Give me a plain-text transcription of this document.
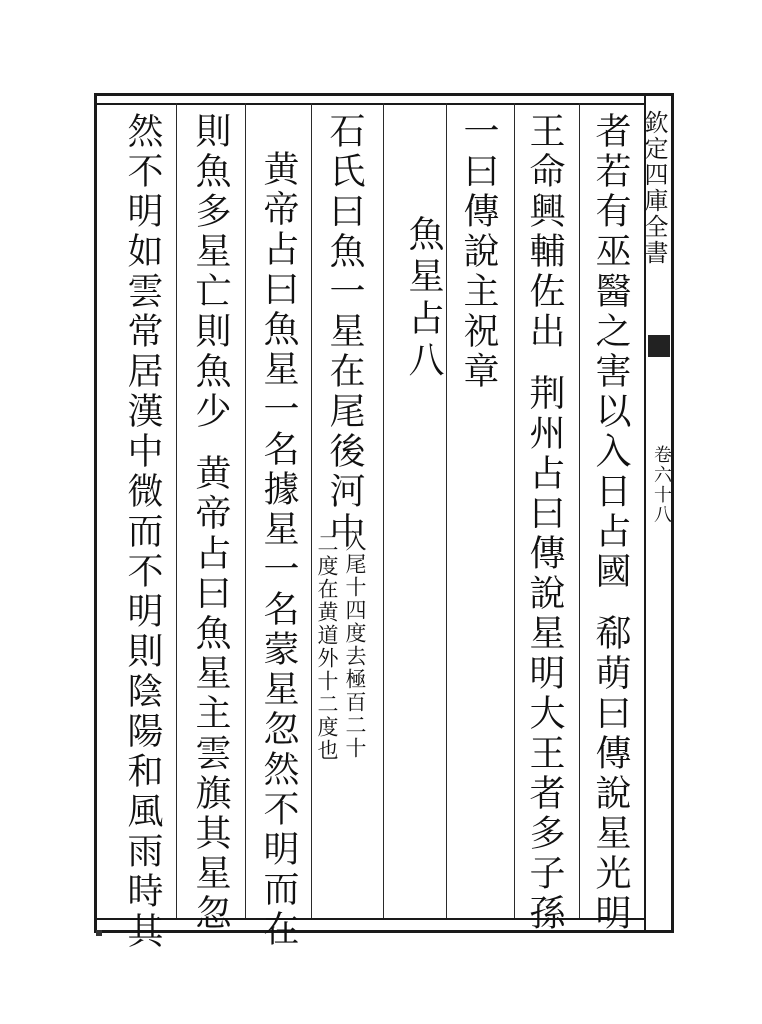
欽定四庫全書
卷六十八
者若有巫醫之害以入日占國郗萌曰傳說星光明
王命興輔佐出荆州占曰傳說星明大王者多子孫
一曰傳說主祝章
魚星占八
石氏曰魚一星在尾後河中
入尾十四度去極百二十
二度在黄道外十二度也
黄帝占曰魚星一名據星一名蒙星忽然不明而在
則魚多星亡則魚少黄帝占曰魚星主雲旗其星忽
然不明如雲常居漢中微而不明則陰陽和風雨時其
